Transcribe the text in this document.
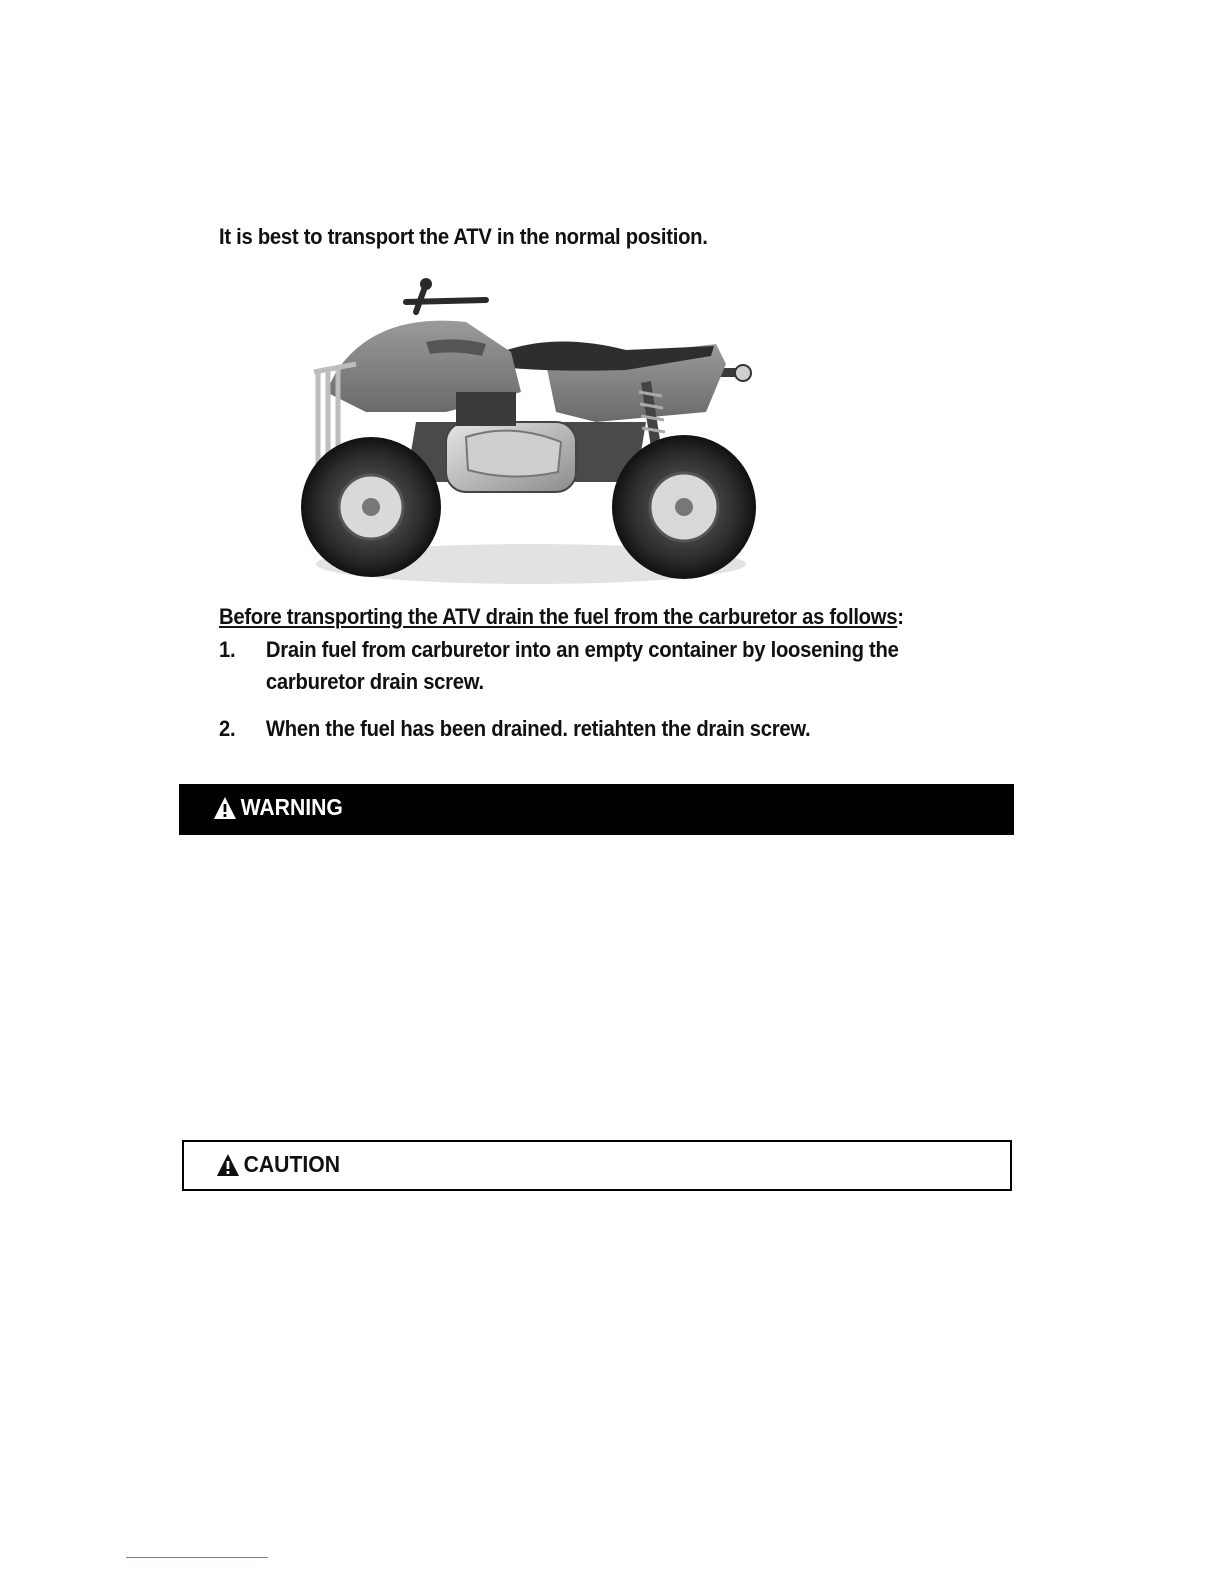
It is best to transport the ATV in the normal position.
Before transporting the ATV drain the fuel from the carburetor as follows:
1. Drain fuel from carburetor into an empty container by loosening the carburetor drain screw.
2. When the fuel has been drained. retiahten the drain screw.
WARNING
CAUTION
